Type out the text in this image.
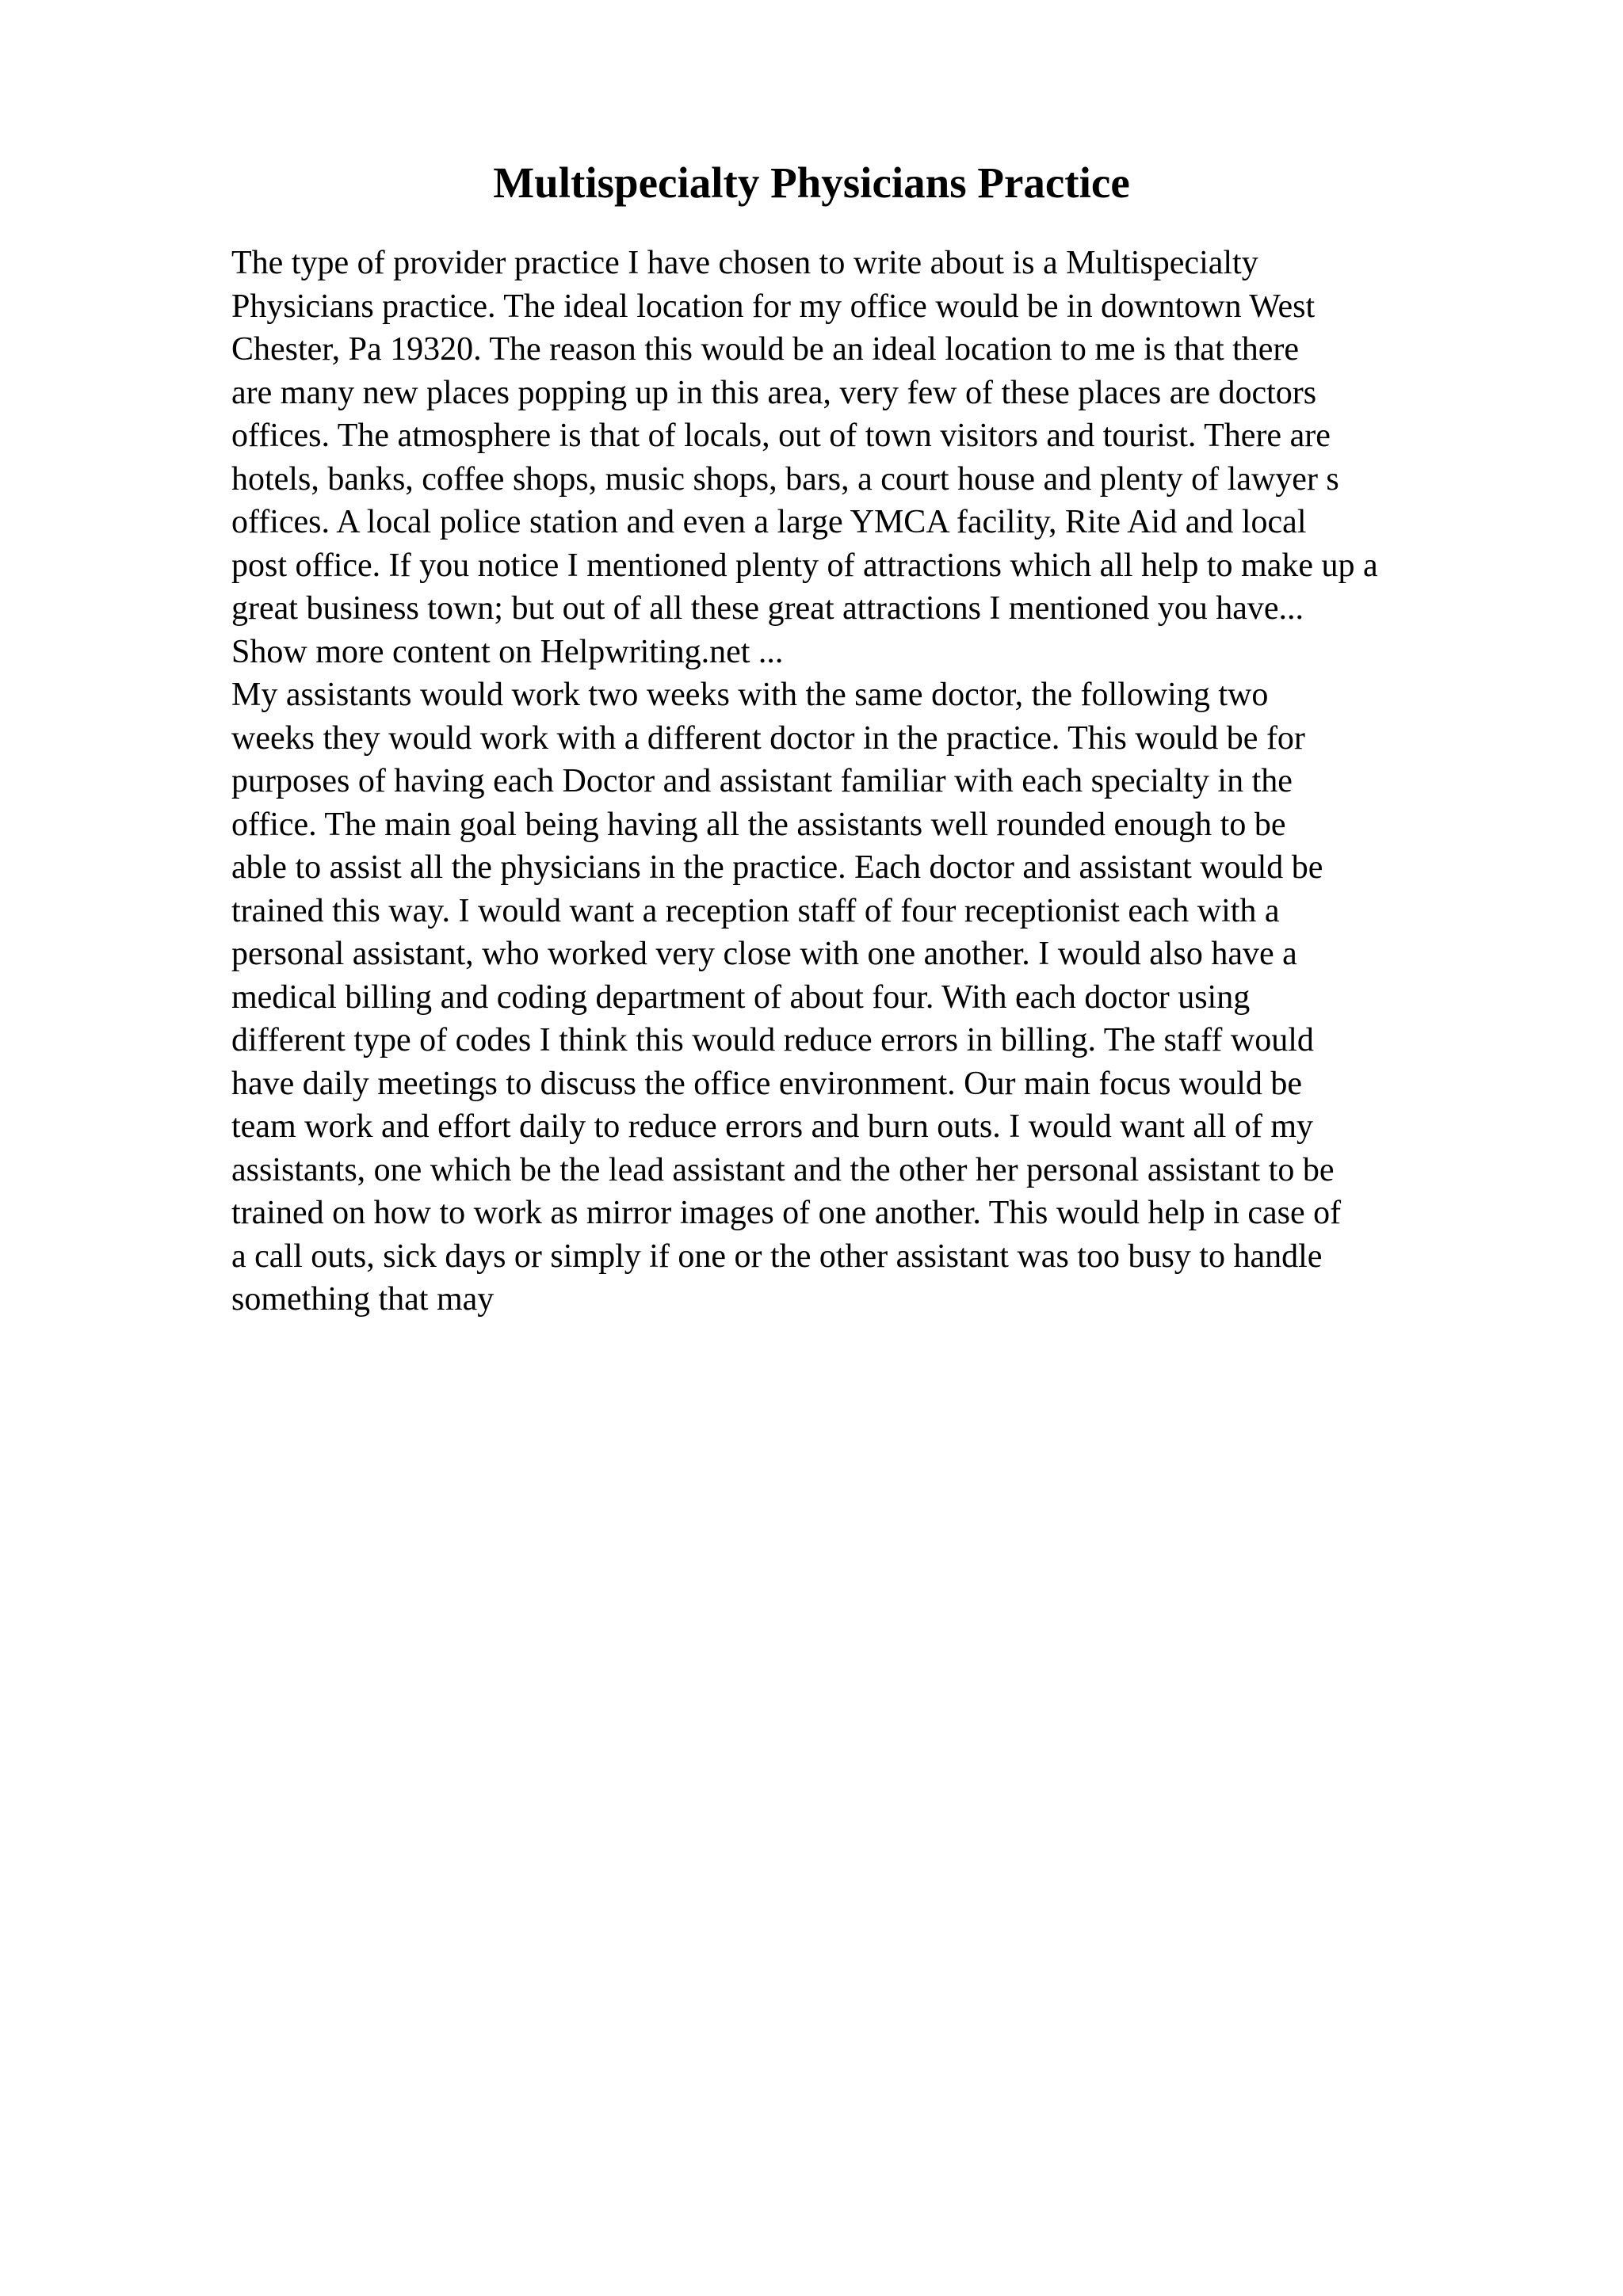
Multispecialty Physicians Practice
The type of provider practice I have chosen to write about is a Multispecialty
Physicians practice. The ideal location for my office would be in downtown West
Chester, Pa 19320. The reason this would be an ideal location to me is that there
are many new places popping up in this area, very few of these places are doctors
offices. The atmosphere is that of locals, out of town visitors and tourist. There are
hotels, banks, coffee shops, music shops, bars, a court house and plenty of lawyer s
offices. A local police station and even a large YMCA facility, Rite Aid and local
post office. If you notice I mentioned plenty of attractions which all help to make up a
great business town; but out of all these great attractions I mentioned you have...
Show more content on Helpwriting.net ...
My assistants would work two weeks with the same doctor, the following two
weeks they would work with a different doctor in the practice. This would be for
purposes of having each Doctor and assistant familiar with each specialty in the
office. The main goal being having all the assistants well rounded enough to be
able to assist all the physicians in the practice. Each doctor and assistant would be
trained this way. I would want a reception staff of four receptionist each with a
personal assistant, who worked very close with one another. I would also have a
medical billing and coding department of about four. With each doctor using
different type of codes I think this would reduce errors in billing. The staff would
have daily meetings to discuss the office environment. Our main focus would be
team work and effort daily to reduce errors and burn outs. I would want all of my
assistants, one which be the lead assistant and the other her personal assistant to be
trained on how to work as mirror images of one another. This would help in case of
a call outs, sick days or simply if one or the other assistant was too busy to handle
something that may
